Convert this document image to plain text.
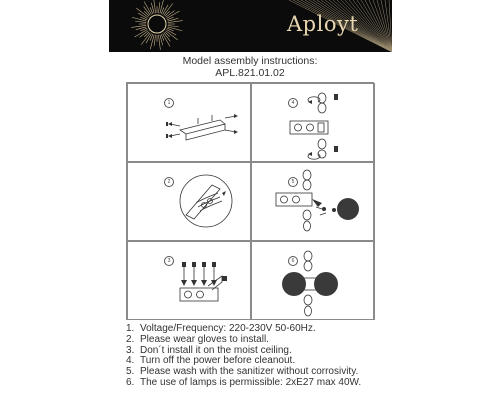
Aployt
Model assembly instructions:
APL.821.01.02
1	4
2	5
3	6
1. Voltage/Frequency: 220-230V 50-60Hz.
2. Please wear gloves to install.
3. Don´t install it on the moist ceiling.
4. Turn off the power before cleanout.
5. Please wash with the sanitizer without corrosivity.
6. The use of lamps is permissible: 2xE27 max 40W.
